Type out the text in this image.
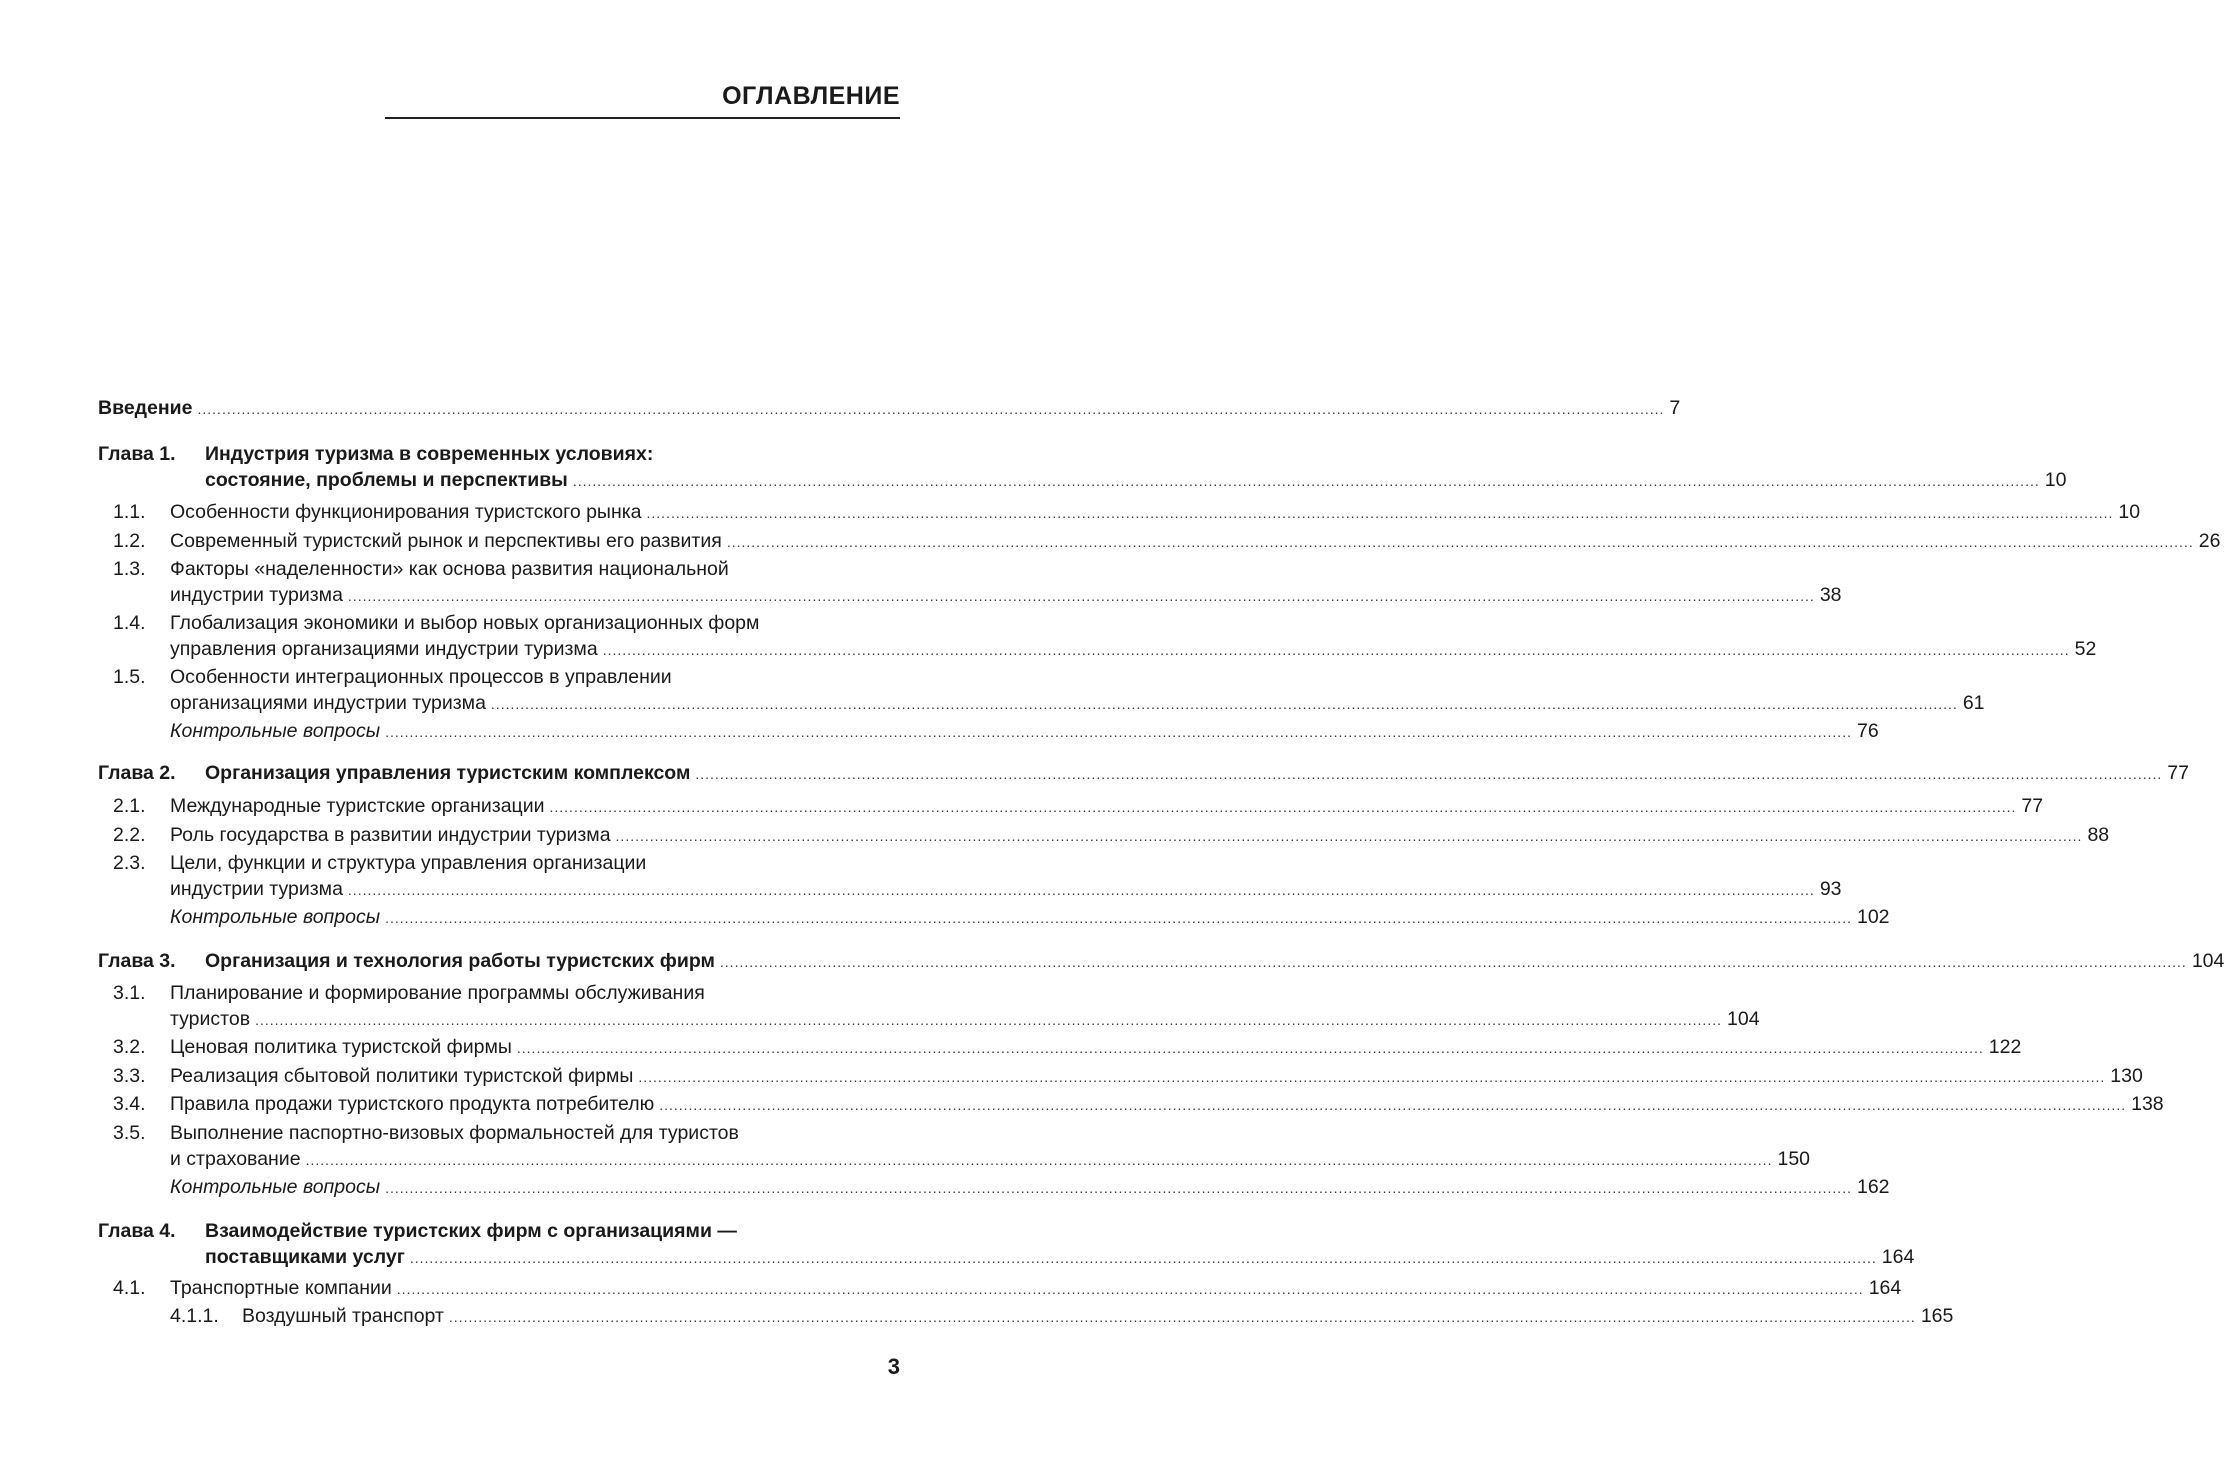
ОГЛАВЛЕНИЕ
Введение ............................................................................................................................................................................................................................................................................................................ 7
Глава 1. Индустрия туризма в современных условиях:
состояние, проблемы и перспективы ............................................................................................................................................................................................................................................................................................................ 10
1.1. Особенности функционирования туристского рынка ............................................................................................................................................................................................................................................................................................................ 10
1.2. Современный туристский рынок и перспективы его развития ............................................................................................................................................................................................................................................................................................................ 26
1.3. Факторы «наделенности» как основа развития национальной
индустрии туризма ............................................................................................................................................................................................................................................................................................................ 38
1.4. Глобализация экономики и выбор новых организационных форм
управления организациями индустрии туризма ............................................................................................................................................................................................................................................................................................................ 52
1.5. Особенности интеграционных процессов в управлении
организациями индустрии туризма ............................................................................................................................................................................................................................................................................................................ 61
Контрольные вопросы ............................................................................................................................................................................................................................................................................................................ 76
Глава 2. Организация управления туристским комплексом ............................................................................................................................................................................................................................................................................................................ 77
2.1. Международные туристские организации ............................................................................................................................................................................................................................................................................................................ 77
2.2. Роль государства в развитии индустрии туризма ............................................................................................................................................................................................................................................................................................................ 88
2.3. Цели, функции и структура управления организации
индустрии туризма ............................................................................................................................................................................................................................................................................................................ 93
Контрольные вопросы ............................................................................................................................................................................................................................................................................................................ 102
Глава 3. Организация и технология работы туристских фирм ............................................................................................................................................................................................................................................................................................................ 104
3.1. Планирование и формирование программы обслуживания
туристов ............................................................................................................................................................................................................................................................................................................ 104
3.2. Ценовая политика туристской фирмы ............................................................................................................................................................................................................................................................................................................ 122
3.3. Реализация сбытовой политики туристской фирмы ............................................................................................................................................................................................................................................................................................................ 130
3.4. Правила продажи туристского продукта потребителю ............................................................................................................................................................................................................................................................................................................ 138
3.5. Выполнение паспортно-визовых формальностей для туристов
и страхование ............................................................................................................................................................................................................................................................................................................ 150
Контрольные вопросы ............................................................................................................................................................................................................................................................................................................ 162
Глава 4. Взаимодействие туристских фирм с организациями —
поставщиками услуг ............................................................................................................................................................................................................................................................................................................ 164
4.1. Транспортные компании ............................................................................................................................................................................................................................................................................................................ 164
4.1.1. Воздушный транспорт ............................................................................................................................................................................................................................................................................................................ 165
3
